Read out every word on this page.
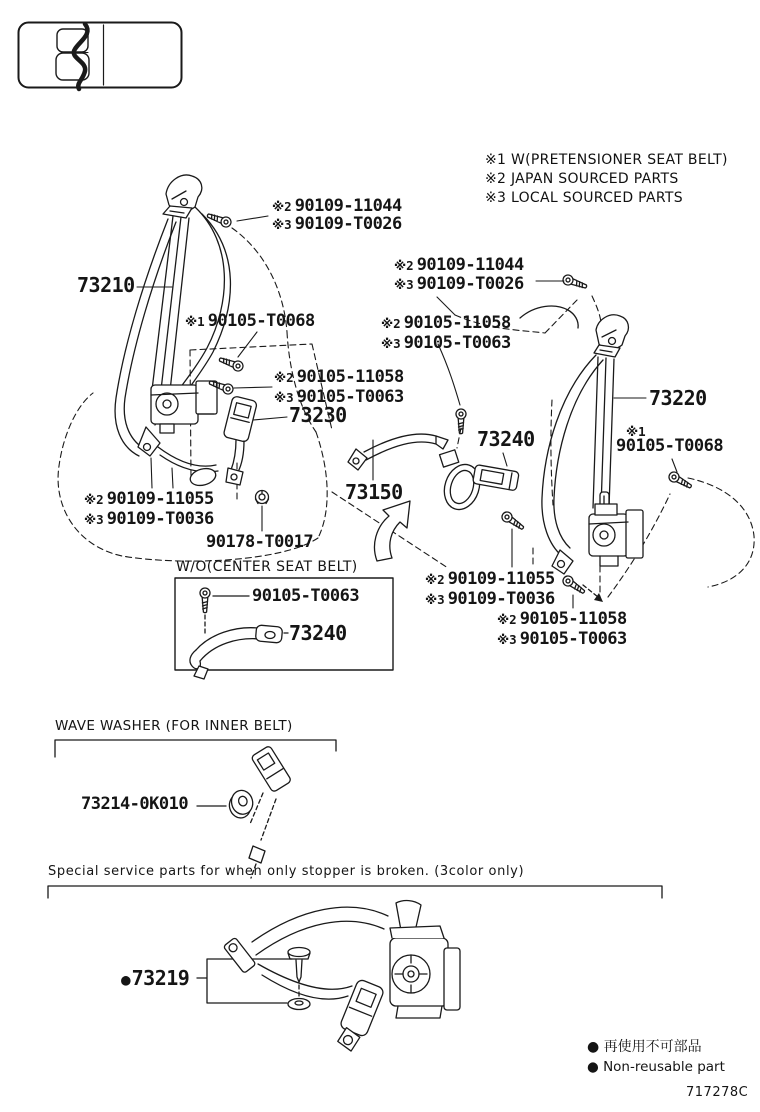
※1 W(PRETENSIONER SEAT BELT)
※2 JAPAN SOURCED PARTS
※3 LOCAL SOURCED PARTS
※2 90109-11044
※3 90109-T0026
73210
※1 90105-T0068
※2 90109-11044
※3 90109-T0026
※2 90105-11058
※3 90105-T0063
※2 90105-11058
※3 90105-T0063
73230
73220
※1
90105-T0068
73240
73150
※2 90109-11055
※3 90109-T0036
90178-T0017
W/O(CENTER SEAT BELT)
90105-T0063
73240
※2 90109-11055
※3 90109-T0036
※2 90105-11058
※3 90105-T0063
WAVE WASHER (FOR INNER BELT)
73214-0K010
Special service parts for when only stopper is broken. (3color only)
●73219
● 再使用不可部品
● Non-reusable part
717278C
